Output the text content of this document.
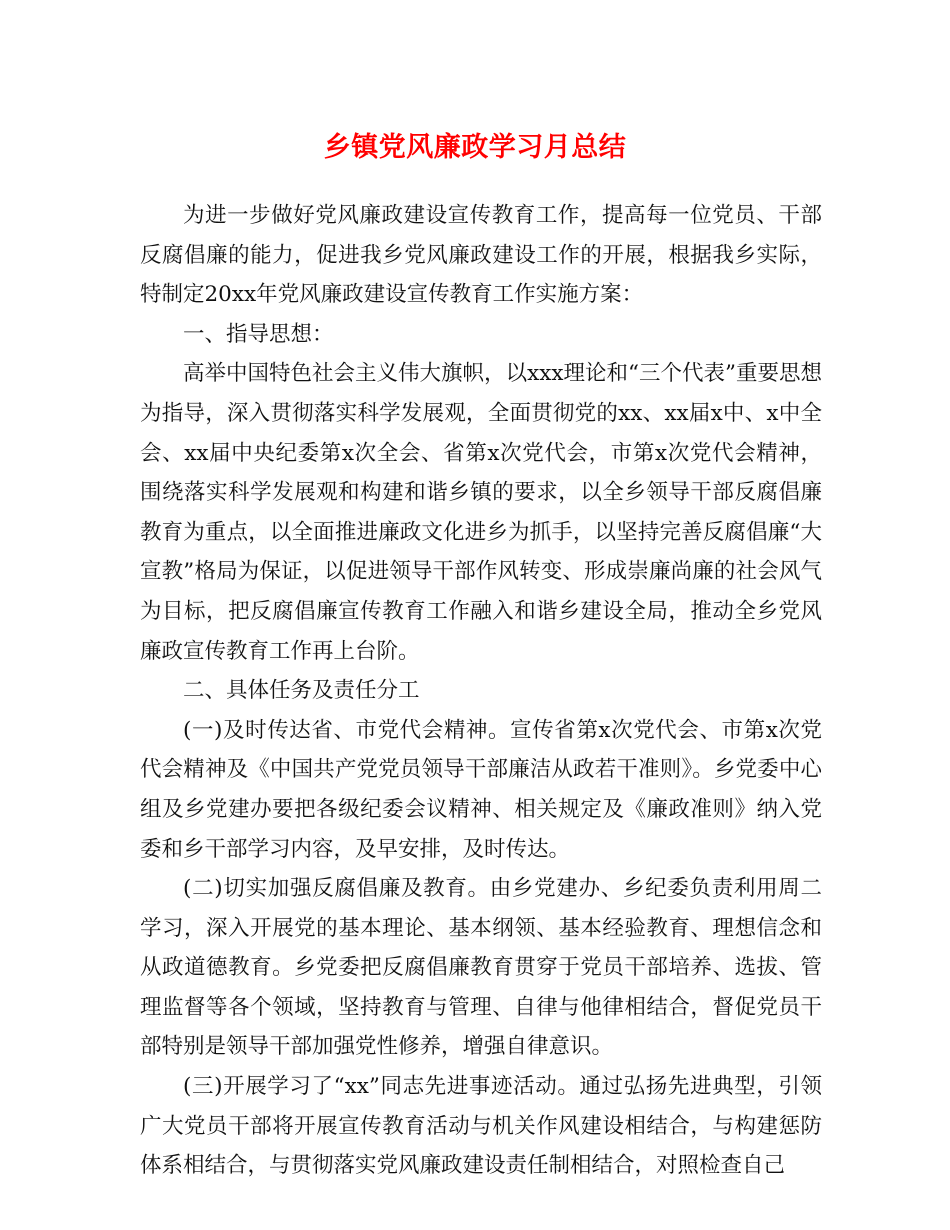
乡镇党风廉政学习月总结

为进一步做好党风廉政建设宣传教育工作，提高每一位党员、干部反腐倡廉的能力，促进我乡党风廉政建设工作的开展，根据我乡实际，特制定20xx年党风廉政建设宣传教育工作实施方案：

一、指导思想：

高举中国特色社会主义伟大旗帜，以xxx理论和“三个代表”重要思想为指导，深入贯彻落实科学发展观，全面贯彻党的xx、xx届x中、x中全会、xx届中央纪委第x次全会、省第x次党代会，市第x次党代会精神，围绕落实科学发展观和构建和谐乡镇的要求，以全乡领导干部反腐倡廉教育为重点，以全面推进廉政文化进乡为抓手，以坚持完善反腐倡廉“大宣教”格局为保证，以促进领导干部作风转变、形成崇廉尚廉的社会风气为目标，把反腐倡廉宣传教育工作融入和谐乡建设全局，推动全乡党风廉政宣传教育工作再上台阶。

二、具体任务及责任分工

(一)及时传达省、市党代会精神。宣传省第x次党代会、市第x次党代会精神及《中国共产党党员领导干部廉洁从政若干准则》。乡党委中心组及乡党建办要把各级纪委会议精神、相关规定及《廉政准则》纳入党委和乡干部学习内容，及早安排，及时传达。

(二)切实加强反腐倡廉及教育。由乡党建办、乡纪委负责利用周二学习，深入开展党的基本理论、基本纲领、基本经验教育、理想信念和从政道德教育。乡党委把反腐倡廉教育贯穿于党员干部培养、选拔、管理监督等各个领域，坚持教育与管理、自律与他律相结合，督促党员干部特别是领导干部加强党性修养，增强自律意识。

(三)开展学习了“xx”同志先进事迹活动。通过弘扬先进典型，引领广大党员干部将开展宣传教育活动与机关作风建设相结合，与构建惩防体系相结合，与贯彻落实党风廉政建设责任制相结合，对照检查自己
